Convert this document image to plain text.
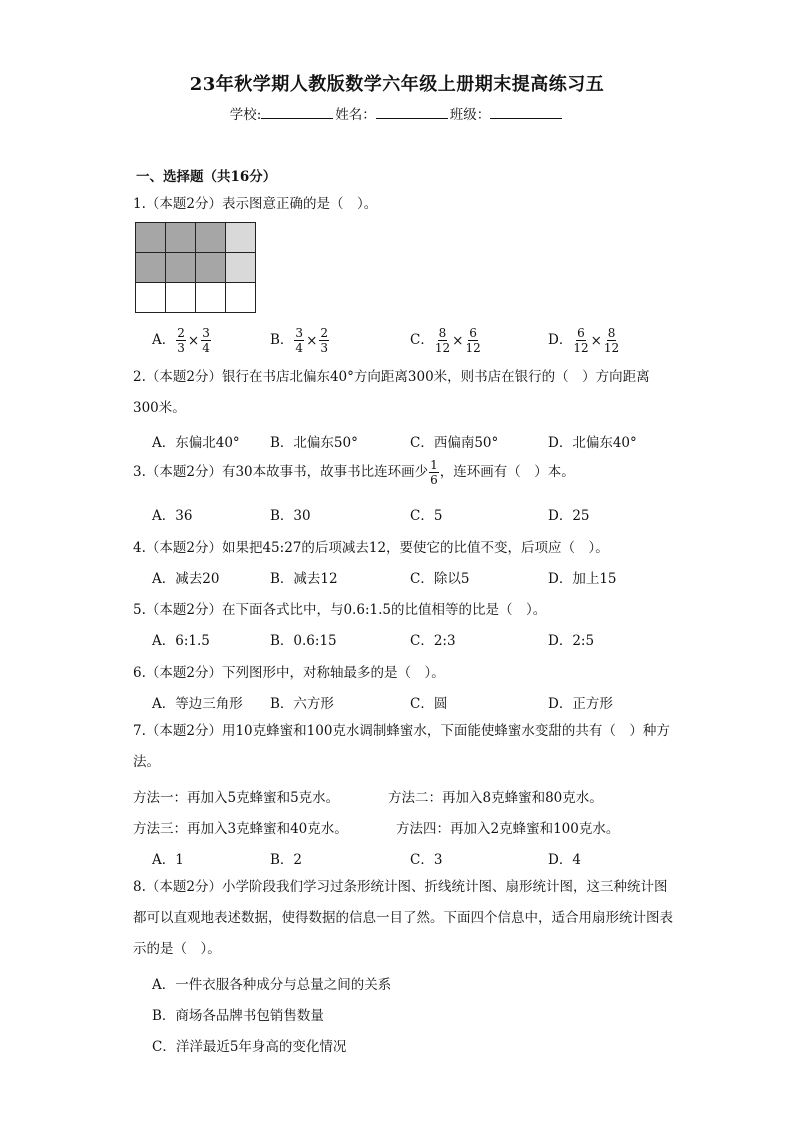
23年秋学期人教版数学六年级上册期末提高练习五
学校:	姓名：	班级：
一、选择题（共16分）
1.（本题2分）表示图意正确的是（　）。
A． $\frac{2}{3} \times \frac{3}{4}$	B． $\frac{3}{4} \times \frac{2}{3}$	C． $\frac{8}{12} \times \frac{6}{12}$	D． $\frac{6}{12} \times \frac{8}{12}$
2.（本题2分）银行在书店北偏东40°方向距离300米，则书店在银行的（　）方向距离300米。
A．东偏北40° B．北偏东50°	C．西偏南50°	D．北偏东40°
3.（本题2分）有30本故事书，故事书比连环画少 $\frac{1}{6}$ ，连环画有（　）本。
A．36	B．30	C．5	D．25
4.（本题2分）如果把45:27的后项减去12，要使它的比值不变，后项应（　）。
A．减去20	B．减去12	C．除以5	D．加上15
5.（本题2分）在下面各式比中，与0.6:1.5的比值相等的比是（　）。
A．6:1.5	B．0.6:15	C．2:3	D．2:5
6.（本题2分）下列图形中，对称轴最多的是（　）。
A．等边三角形 B．六方形	C．圆	D．正方形
7.（本题2分）用10克蜂蜜和100克水调制蜂蜜水，下面能使蜂蜜水变甜的共有（　）种方法。
方法一：再加入5克蜂蜜和5克水。	方法二：再加入8克蜂蜜和80克水。
方法三：再加入3克蜂蜜和40克水。	方法四：再加入2克蜂蜜和100克水。
A．1	B．2	C．3	D．4
8.（本题2分）小学阶段我们学习过条形统计图、折线统计图、扇形统计图，这三种统计图都可以直观地表述数据，使得数据的信息一目了然。下面四个信息中，适合用扇形统计图表示的是（　）。
A．一件衣服各种成分与总量之间的关系
B．商场各品牌书包销售数量
C．洋洋最近5年身高的变化情况
